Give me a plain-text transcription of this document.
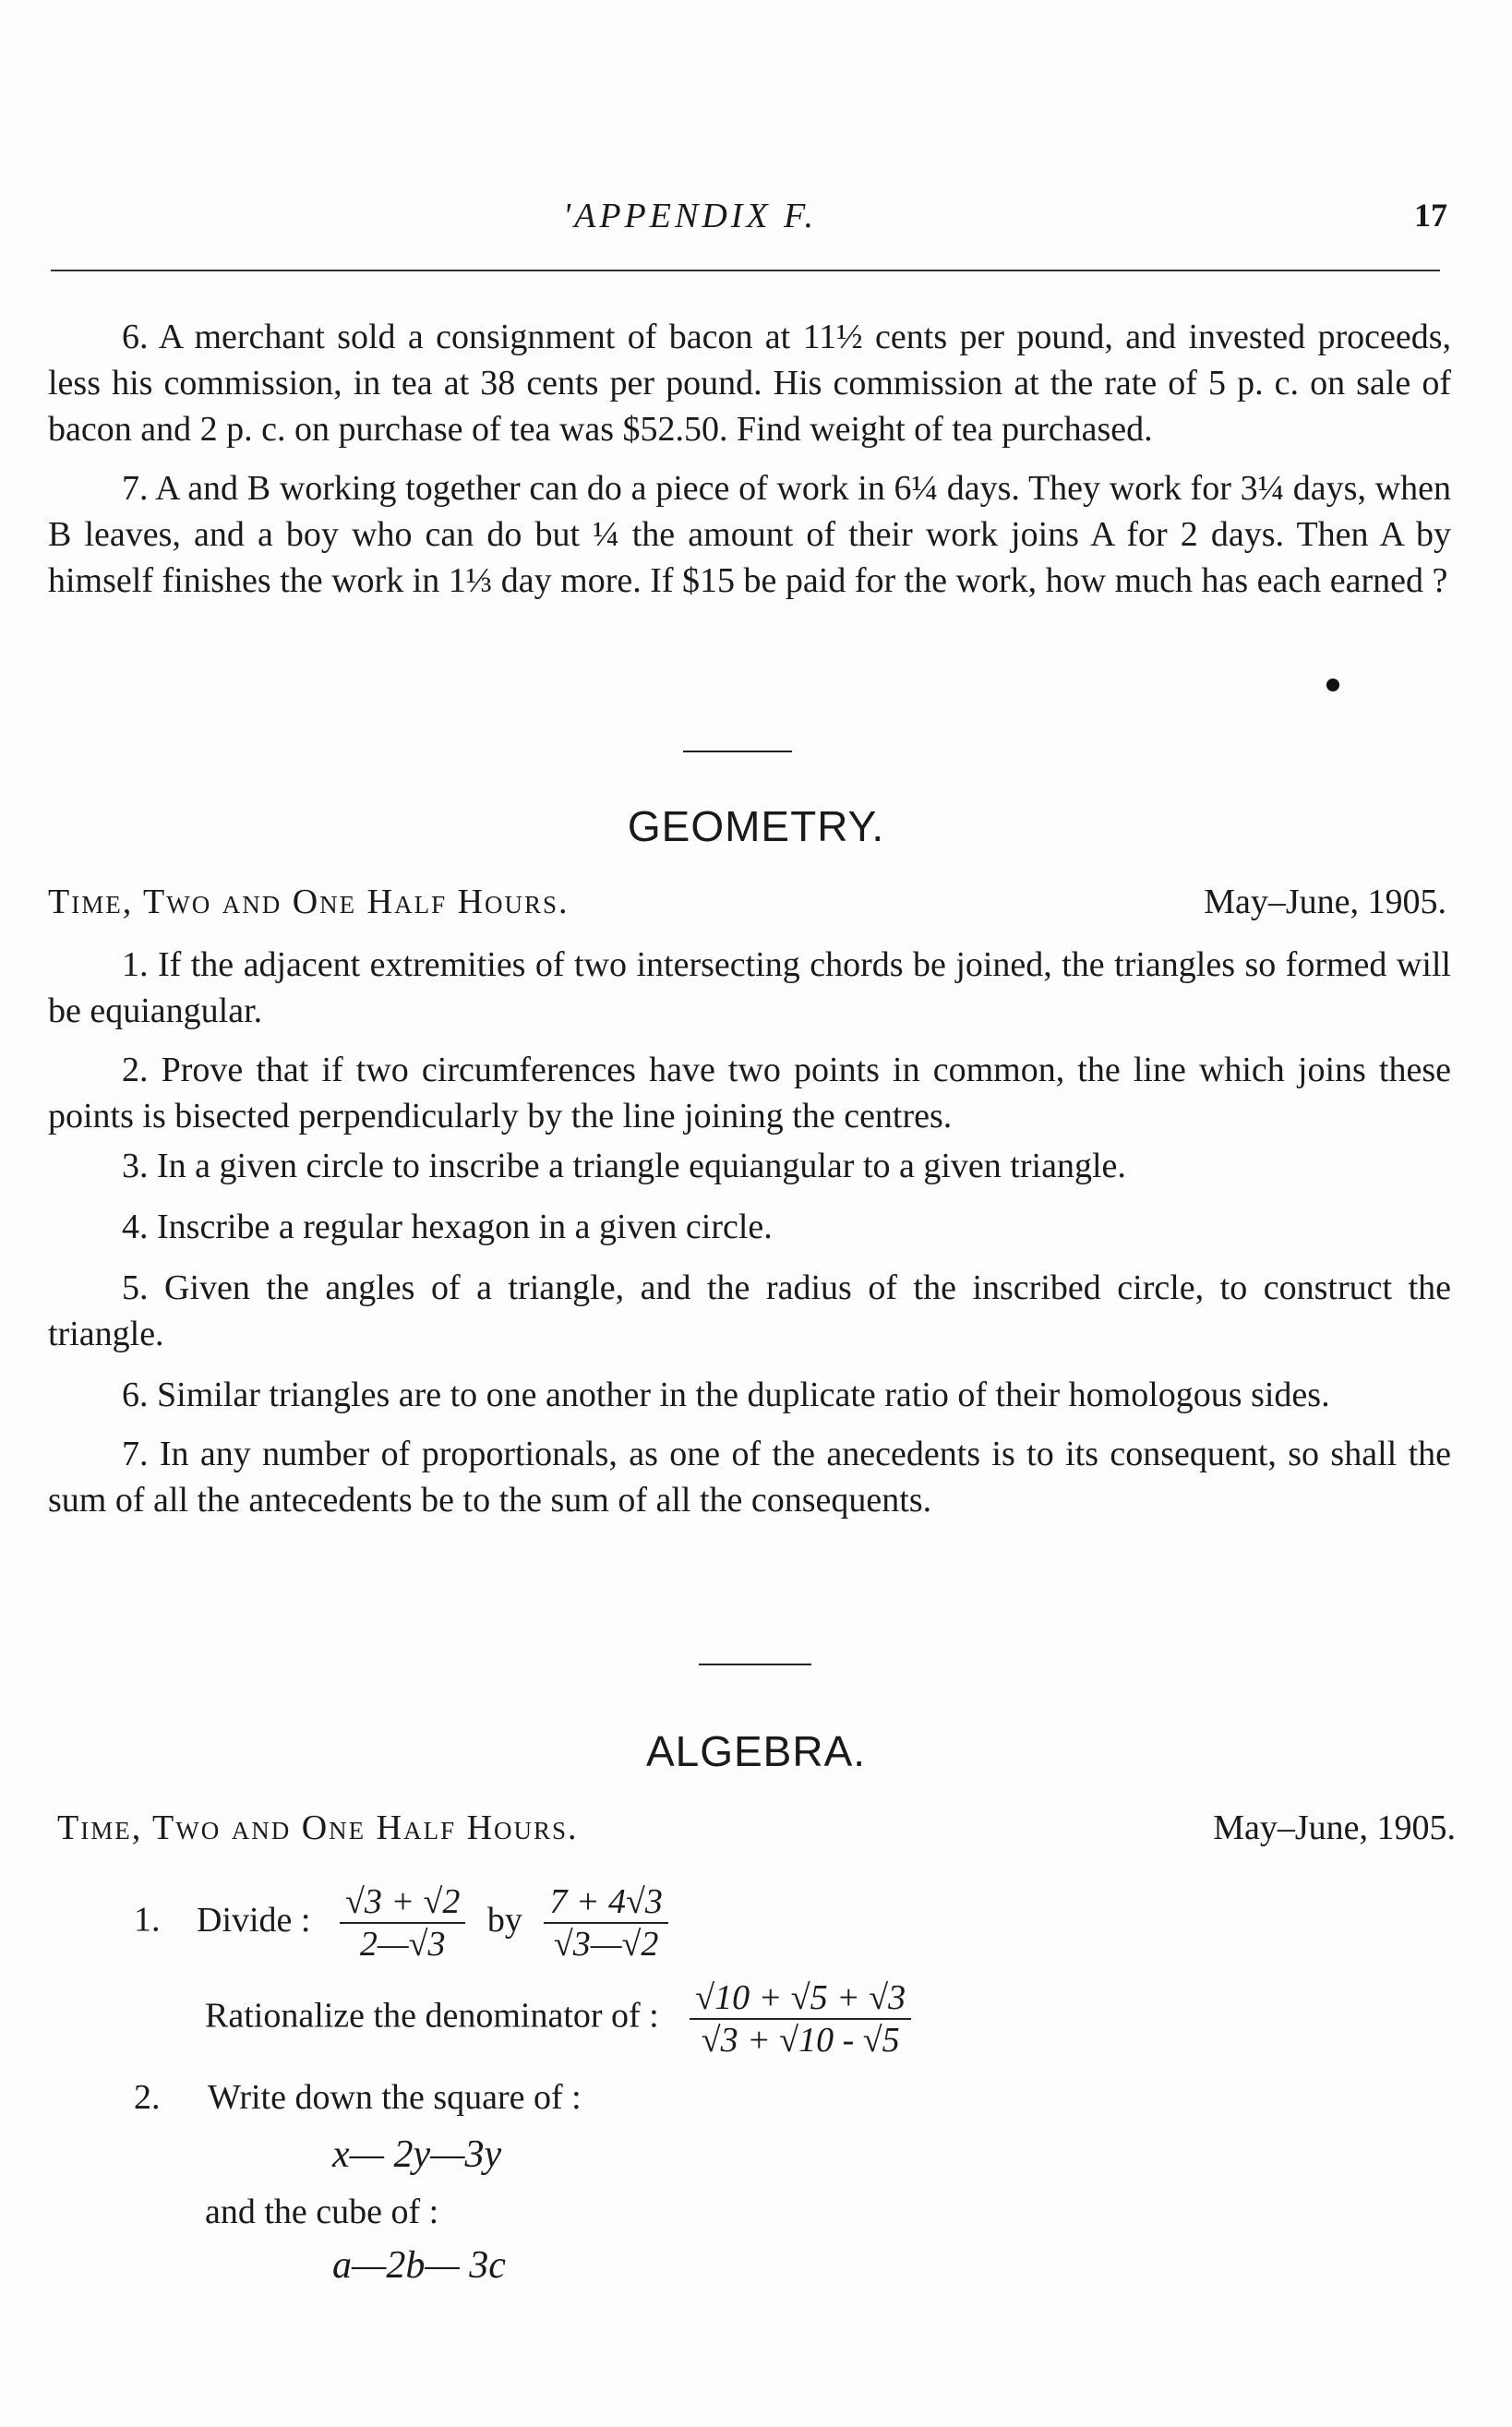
'APPENDIX F.	17

6. A merchant sold a consignment of bacon at 11½ cents per pound, and invested proceeds, less his commission, in tea at 38 cents per pound. His commission at the rate of 5 p. c. on sale of bacon and 2 p. c. on purchase of tea was $52.50. Find weight of tea purchased.

7. A and B working together can do a piece of work in 6¼ days. They work for 3¼ days, when B leaves, and a boy who can do but ¼ the amount of their work joins A for 2 days. Then A by himself finishes the work in 1⅓ day more. If $15 be paid for the work, how much has each earned ?

GEOMETRY.
Time, Two and One Half Hours.	May–June, 1905.

1. If the adjacent extremities of two intersecting chords be joined, the triangles so formed will be equiangular.

2. Prove that if two circumferences have two points in common, the line which joins these points is bisected perpendicularly by the line joining the centres.

3. In a given circle to inscribe a triangle equiangular to a given triangle.

4. Inscribe a regular hexagon in a given circle.

5. Given the angles of a triangle, and the radius of the inscribed circle, to construct the triangle.

6. Similar triangles are to one another in the duplicate ratio of their homologous sides.

7. In any number of proportionals, as one of the anecedents is to its consequent, so shall the sum of all the antecedents be to the sum of all the consequents.

ALGEBRA.
Time, Two and One Half Hours.	May–June, 1905.
1. Divide : $\frac{√3 + √2}{2—√3}$ by $\frac{7 + 4√3}{√3—√2}$
Rationalize the denominator of : $\frac{√10 + √5 + √3}{√3 + √10 - √5}$
2. Write down the square of :
x— 2y—3y
and the cube of :
a—2b— 3c
